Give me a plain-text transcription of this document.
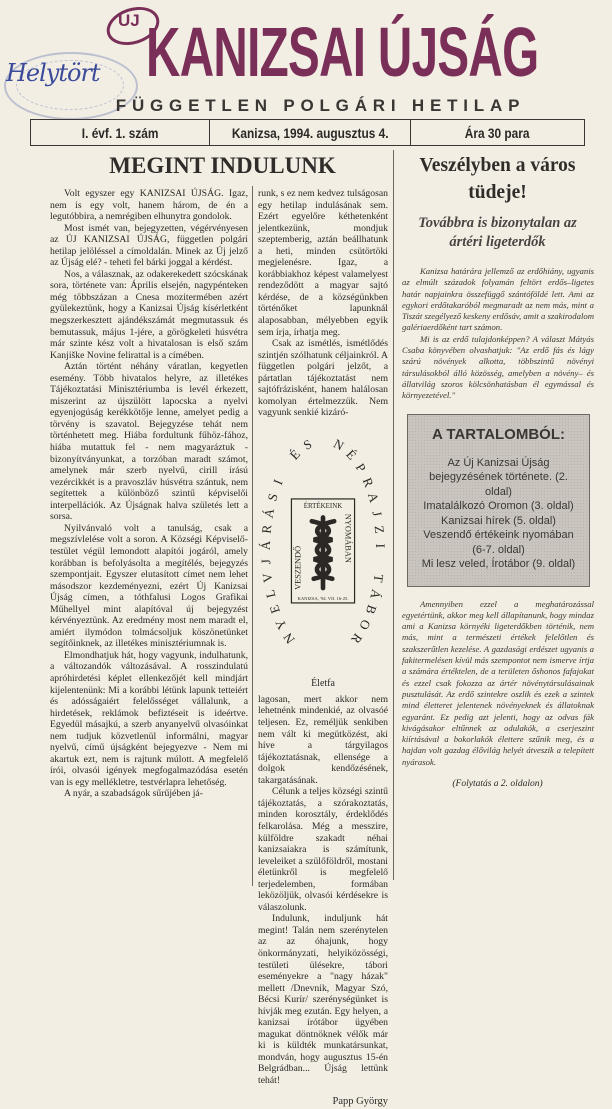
Helytört
ÚJ KANIZSAI ÚJSÁG
FÜGGETLEN POLGÁRI HETILAP
I. évf. 1. szám	Kanizsa, 1994. augusztus 4.	Ára 30 para
MEGINT INDULUNK

Volt egyszer egy KANIZSAI ÚJSÁG. Igaz, nem is egy volt, hanem három, de én a legutóbbira, a nemrégiben elhunytra gondolok.

Most ismét van, bejegyzetten, végérvényesen az ÚJ KANIZSAI ÚJSÁG, független polgári hetilap jelöléssel a címoldalán. Minek az Új jelző az Újság elé? - teheti fel bárki joggal a kérdést.

Nos, a válasznak, az odakerekedett szócskának sora, története van: Április elsején, nagypénteken még többszázan a Cnesa mozitermében azért gyülekeztünk, hogy a Kanizsai Újság kísérletként megszerkesztett ajándékszámát megmutassuk és bemutassuk, május 1-jére, a görögkeleti húsvétra már szinte kész volt a hivatalosan is első szám Kanjiške Novine felirattal is a címében.

Aztán történt néhány váratlan, kegyetlen esemény. Több hivatalos helyre, az illetékes Tájékoztatási Minisztériumba is levél érkezett, miszerint az újszülött lapocska a nyelvi egyenjogúság kerékkötője lenne, amelyet pedig a törvény is szavatol. Bejegyzése tehát nem történhetett meg. Hiába fordultunk fűhöz-fához, hiába mutattuk fel - nem magyaráztuk - bizonyítványunkat, a torzóban maradt számot, amelynek már szerb nyelvű, cirill írású vezércikkét is a pravoszláv húsvétra szántuk, nem segítettek a különböző szintű képviselői interpellációk. Az Újságnak halva születés lett a sorsa.

Nyilvánvaló volt a tanulság, csak a megszívlelése volt a soron. A Községi Képviselő-testület végül lemondott alapítói jogáról, amely korábban is befolyásolta a megítélés, bejegyzés szempontjait. Egyszer elutasított címet nem lehet másodszor kezdeményezni, ezért Új Kanizsai Újság címen, a tóthfalusi Logos Grafikai Műhellyel mint alapítóval új bejegyzést kérvényeztünk. Az eredmény most nem maradt el, amiért ilymódon tolmácsoljuk köszönetünket segítőinknek, az illetékes minisztériumnak is.

Elmondhatjuk hát, hogy vagyunk, indulhatunk, a változandók változásával. A rosszindulatú apróhirdetési képlet ellenkezőjét kell mindjárt kijelentenünk: Mi a korábbi létünk lapunk tetteiért és adósságaiért felelősséget vállalunk, a hirdetések, reklámok befiztéseit is ideértve. Egyedül másajkú, a szerb anyanyelvű olvasóinkat nem tudjuk közvetlenül informálni, magyar nyelvű, című újságként bejegyezve - Nem mi akartuk ezt, nem is rajtunk múlott. A megfelelő írói, olvasói igények megfogalmazódása esetén van is egy mellékletre, testvérlapra lehetőség.

A nyár, a szabadságok sűrűjében já-

runk, s ez nem kedvez tulságosan egy hetilap indulásának sem. Ezért egyelőre kéthetenként jelentkezünk, mondjuk szeptemberig, aztán beállhatunk a heti, minden csütörtöki megjelenésre. Igaz, a korábbiakhoz képest valamelyest rendeződött a magyar sajtó kérdése, de a községünkben történőket lapunknál alaposabban, mélyebben egyik sem írja, írhatja meg.

Csak az ismétlés, ismétlődés szintjén szólhatunk céljainkról. A független polgári jelzőt, a pártatlan tájékoztatást nem sajtófrázisként, hanem halálosan komolyan értelmezzük. Nem vagyunk senkié kizáró-

N
Y
E
L
V
J
Á
R
Á
S
I
É
S N
É
P
R
A
J
Z
I
T
Á
B
O
R
ÉRTÉKEINK
KANIZSA, '94. VII. 16-25.
VESZENDŐ
NYOMÁBAN
Életfa

lagosan, mert akkor nem lehetnénk mindenkié, az olvasóé teljesen. Ez, reméljük senkiben nem vált ki megütközést, aki híve a tárgyilagos tájékoztatásnak, ellensége a dolgok kendőzésének, takargatásának.

Célunk a teljes községi szintű tájékoztatás, a szórakoztatás, minden korosztály, érdeklődés felkarolása. Még a messzire, külföldre szakadt néhai kanizsaiakra is számítunk, leveleiket a szülőföldről, mostani életünkről is megfelelő terjedelemben, formában leközöljük, olvasói kérdésekre is válaszolunk.

Indulunk, induljunk hát megint! Talán nem szerénytelen az az óhajunk, hogy önkormányzati, helyiközösségi, testületi ülésekre, tábori eseményekre a "nagy házak" mellett /Dnevnik, Magyar Szó, Bécsi Kurír/ szerénységünket is hívják meg ezután. Egy helyen, a kanizsai írótábor ügyében magukat döntnöknek vélők már ki is küldték munkatársunkat, mondván, hogy augusztus 15-én Belgrádban... Újság lettünk tehát!

Papp György
Veszélyben a város tüdeje!
Továbbra is bizonytalan az ártéri ligeterdők

Kanizsa határára jellemző az erdőhiány, ugyanis az elmúlt századok folyamán feltört erdős–ligetes határ napjainkra összefüggő szántóföldé lett. Ami az egykori erdőtakaróból megmaradt az nem más, mint a Tiszát szegélyező keskeny erdősáv, amit a szakirodalom galériaerdőként tart számon.

Mi is az erdő tulajdonképpen? A választ Mátyás Csaba könyvében olvashatjuk: "Az erdő fás és lágy szárú növények alkotta, többszintű növényi társulásokból álló közösség, amelyben a növény– és állatvilág szoros kölcsönhatásban él egymással és környezetével."

A TARTALOMBÓL:
Az Új Kanizsai Újság bejegyzésének története. (2. oldal)
Imatalálkozó Oromon (3. oldal)
Kanizsai hírek (5. oldal)
Veszendő értékeink nyomában (6-7. oldal)
Mi lesz veled, Írotábor (9. oldal)

Amennyiben ezzel a meghatározással egyetértünk, akkor meg kell állapítanunk, hogy mindaz ami a Kanizsa környéki ligeterdőkben történik, nem más, mint a természeti értékek felelőtlen és szakszerűtlen kezelése. A gazdasági erdészet ugyanis a fakitermelésen kívül más szempontot nem ismerve írtja a számára értéktelen, de a területen őshonos fafajokat és ezzel csak fokozza az ártér növénytársulásainak pusztulását. Az erdő szintekre oszlik és ezek a szintek mind életteret jelentenek növényeknek és állatoknak egyaránt. Ez pedig azt jelenti, hogy az odvas fák kivágásakor eltűnnek az odulakók, a cserjeszint kiírtásával a bokorlakók élettere szűnik meg, és a hajdan volt gazdag élővilág helyét átveszik a telepített nyárasok.

(Folytatás a 2. oldalon)
